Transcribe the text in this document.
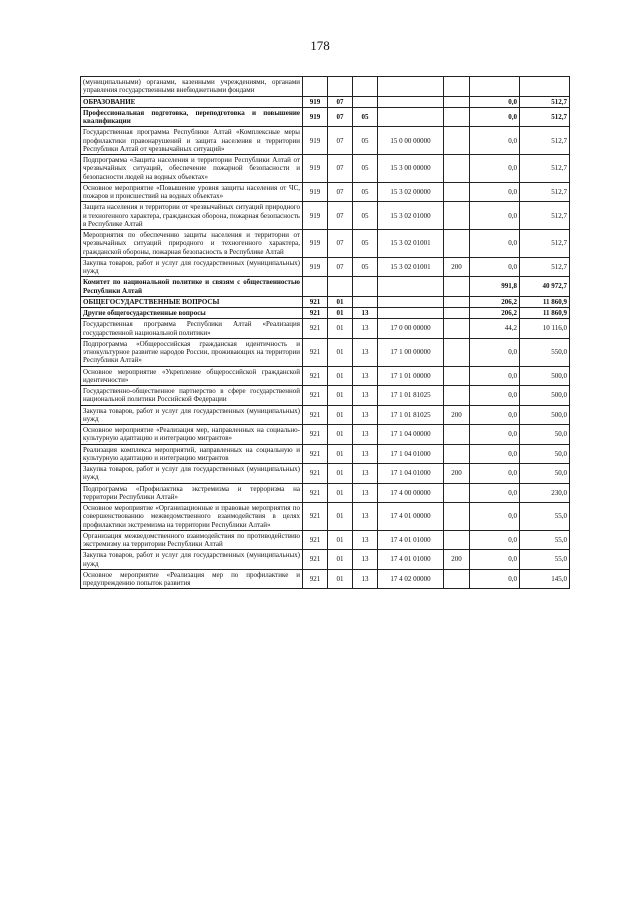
178
(муниципальными) органами, казенными учреждениями, органами управления государственными внебюджетными фондами							
ОБРАЗОВАНИЕ	919	07				0,0	512,7
Профессиональная подготовка, переподготовка и повышение квалификации	919	07	05			0,0	512,7
Государственная программа Республики Алтай «Комплексные меры профилактики правонарушений и защита населения и территории Республики Алтай от чрезвычайных ситуаций»	919	07	05	15 0 00 00000		0,0	512,7
Подпрограмма «Защита населения и территории Республики Алтай от чрезвычайных ситуаций, обеспечение пожарной безопасности и безопасности людей на водных объектах»	919	07	05	15 3 00 00000		0,0	512,7
Основное мероприятие «Повышение уровня защиты населения от ЧС, пожаров и происшествий на водных объектах»	919	07	05	15 3 02 00000		0,0	512,7
Защита населения и территории от чрезвычайных ситуаций природного и техногенного характера, гражданская оборона, пожарная безопасность в Республике Алтай	919	07	05	15 3 02 01000		0,0	512,7
Мероприятия по обеспечению защиты населения и территории от чрезвычайных ситуаций природного и техногенного характера, гражданской обороны, пожарная безопасность в Республике Алтай	919	07	05	15 3 02 01001		0,0	512,7
Закупка товаров, работ и услуг для государственных (муниципальных) нужд	919	07	05	15 3 02 01001	200	0,0	512,7
Комитет по национальной политике и связям с общественностью Республики Алтай						991,8	40 972,7
ОБЩЕГОСУДАРСТВЕННЫЕ ВОПРОСЫ	921	01				206,2	11 860,9
Другие общегосударственные вопросы	921	01	13			206,2	11 860,9
Государственная программа Республики Алтай «Реализация государственной национальной политики»	921	01	13	17 0 00 00000		44,2	10 116,0
Подпрограмма «Общероссийская гражданская идентичность и этнокультурное развитие народов России, проживающих на территории Республики Алтай»	921	01	13	17 1 00 00000		0,0	550,0
Основное мероприятие «Укрепление общероссийской гражданской идентичности»	921	01	13	17 1 01 00000		0,0	500,0
Государственно-общественное партнерство в сфере государственной национальной политики Российской Федерации	921	01	13	17 1 01 81025		0,0	500,0
Закупка товаров, работ и услуг для государственных (муниципальных) нужд	921	01	13	17 1 01 81025	200	0,0	500,0
Основное мероприятие «Реализация мер, направленных на социально-культурную адаптацию и интеграцию мигрантов»	921	01	13	17 1 04 00000		0,0	50,0
Реализация комплекса мероприятий, направленных на социальную и культурную адаптацию и интеграцию мигрантов	921	01	13	17 1 04 01000		0,0	50,0
Закупка товаров, работ и услуг для государственных (муниципальных) нужд	921	01	13	17 1 04 01000	200	0,0	50,0
Подпрограмма «Профилактика экстремизма и терроризма на территории Республики Алтай»	921	01	13	17 4 00 00000		0,0	230,0
Основное мероприятие «Организационные и правовые мероприятия по совершенствованию межведомственного взаимодействия в целях профилактики экстремизма на территории Республики Алтай»	921	01	13	17 4 01 00000		0,0	55,0
Организация межведомственного взаимодействия по противодействию экстремизму на территории Республики Алтай	921	01	13	17 4 01 01000		0,0	55,0
Закупка товаров, работ и услуг для государственных (муниципальных) нужд	921	01	13	17 4 01 01000	200	0,0	55,0
Основное мероприятие «Реализация мер по профилактике и предупреждению попыток развития	921	01	13	17 4 02 00000		0,0	145,0
